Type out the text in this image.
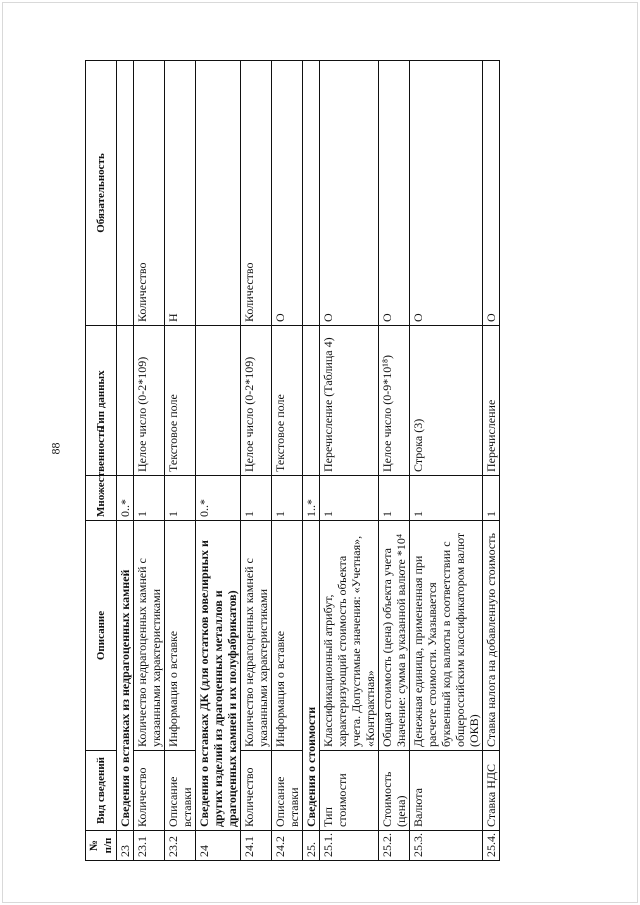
88
№ п/п	Вид сведений	Описание	Множественность	Тип данных	Обязательность
23	Сведения о вставках из недрагоценных камней		0..*		
23.1	Количество	Количество недрагоценных камней с указанными характеристиками	1	Целое число (0-2*109)	Количество
23.2	Описание вставки	Информация о вставке	1	Текстовое поле	Н
24	Сведения о вставках ДК (для остатков ювелирных и других изделий из драгоценных металлов и драгоценных камней и их полуфабрикатов)		0..*		
24.1	Количество	Количество недрагоценных камней с указанными характеристиками	1	Целое число (0-2*109)	Количество
24.2	Описание вставки	Информация о вставке	1	Текстовое поле	О
25.	Сведения о стоимости		1..*		
25.1.	Тип стоимости	Классификационный атрибут, характеризующий стоимость объекта учета. Допустимые значения: «Учетная», «Контрактная»	1	Перечисление (Таблица 4)	О
25.2.	Стоимость (цена)	Общая стоимость (цена) объекта учета Значение: сумма в указанной валюте *10⁴	1	Целое число (0-9*10¹⁸)	О
25.3.	Валюта	Денежная единица, примененная при расчете стоимости. Указывается буквенный код валюты в соответствии с общероссийским классификатором валют (ОКВ)	1	Строка (3)	О
25.4.	Ставка НДС	Ставка налога на добавленную стоимость	1	Перечисление	О
